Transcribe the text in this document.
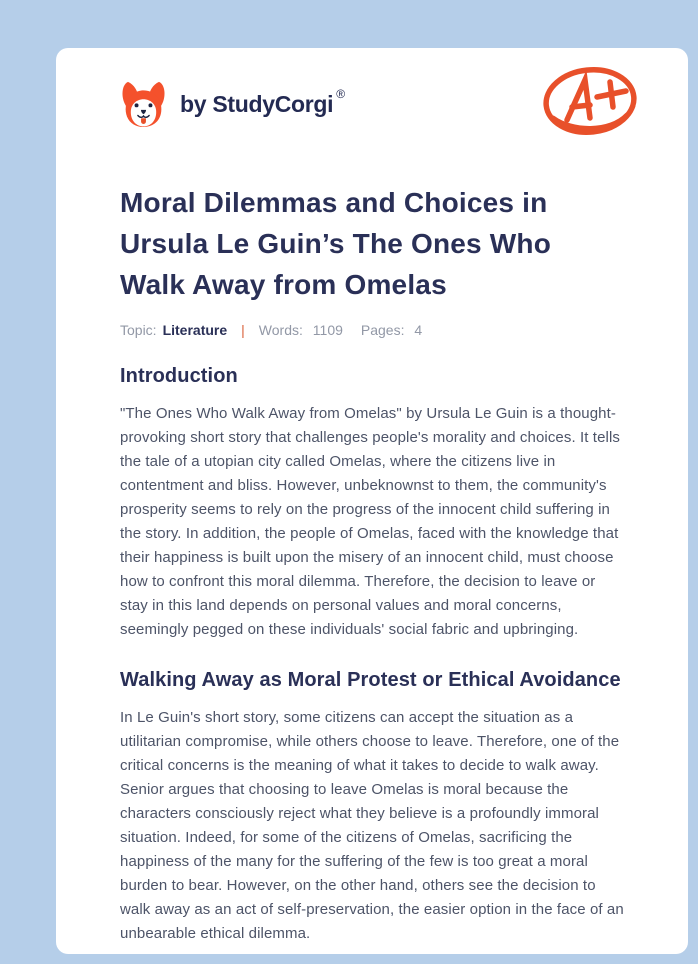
by StudyCorgi ®
Moral Dilemmas and Choices in Ursula Le Guin’s The Ones Who Walk Away from Omelas
Topic: Literature | Words: 1109 Pages: 4
Introduction

"The Ones Who Walk Away from Omelas" by Ursula Le Guin is a thought-provoking short story that challenges people's morality and choices. It tells the tale of a utopian city called Omelas, where the citizens live in contentment and bliss. However, unbeknownst to them, the community's prosperity seems to rely on the progress of the innocent child suffering in the story. In addition, the people of Omelas, faced with the knowledge that their happiness is built upon the misery of an innocent child, must choose how to confront this moral dilemma. Therefore, the decision to leave or stay in this land depends on personal values and moral concerns, seemingly pegged on these individuals' social fabric and upbringing.

Walking Away as Moral Protest or Ethical Avoidance

In Le Guin's short story, some citizens can accept the situation as a utilitarian compromise, while others choose to leave. Therefore, one of the critical concerns is the meaning of what it takes to decide to walk away. Senior argues that choosing to leave Omelas is moral because the characters consciously reject what they believe is a profoundly immoral situation. Indeed, for some of the citizens of Omelas, sacrificing the happiness of the many for the suffering of the few is too great a moral burden to bear. However, on the other hand, others see the decision to walk away as an act of self-preservation, the easier option in the face of an unbearable ethical dilemma.
